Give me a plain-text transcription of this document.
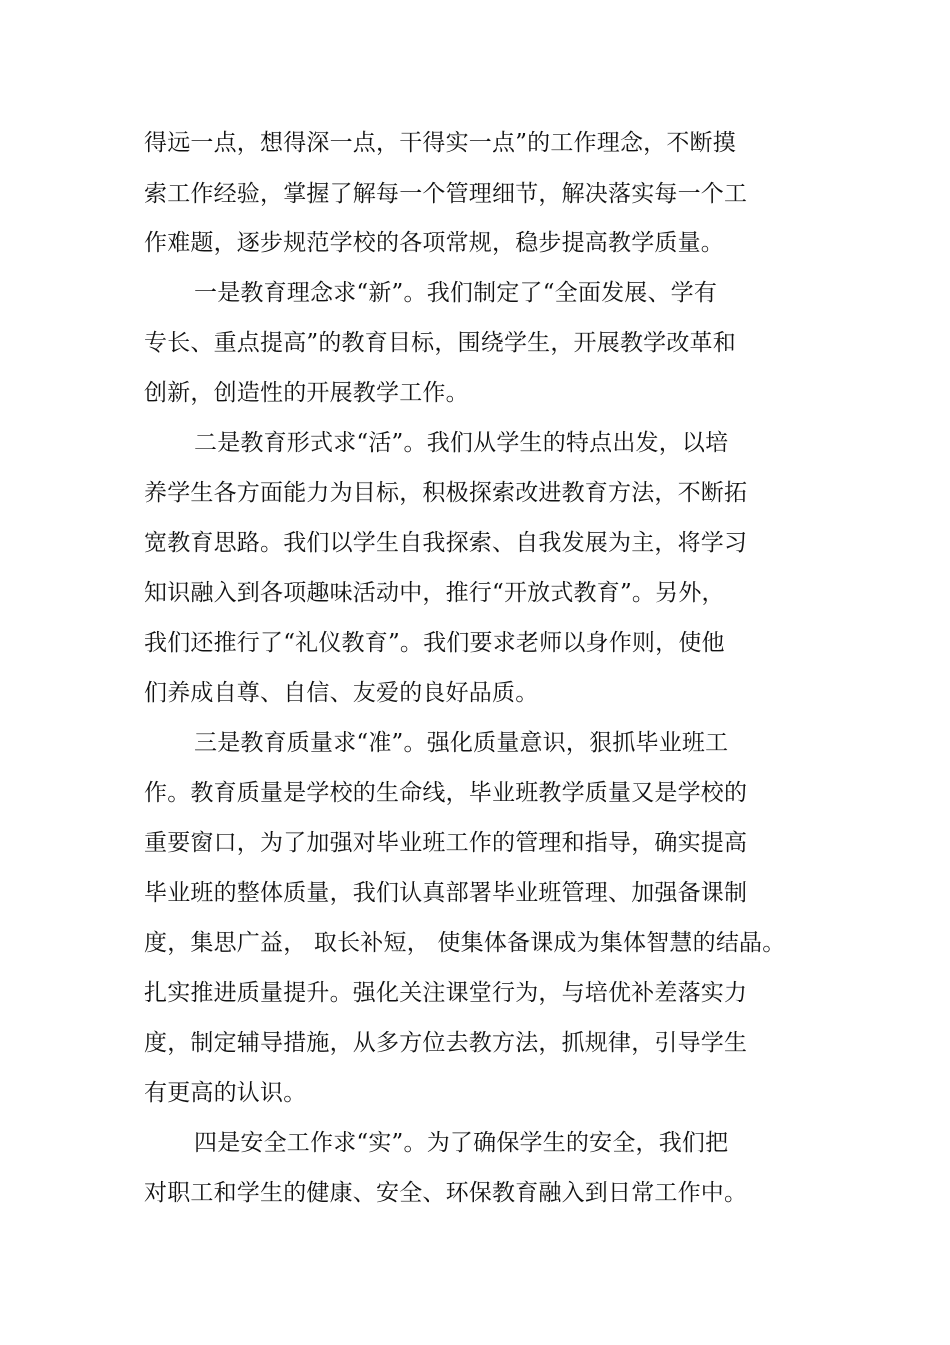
得远一点，想得深一点，干得实一点”的工作理念，不断摸
索工作经验，掌握了解每一个管理细节，解决落实每一个工
作难题，逐步规范学校的各项常规，稳步提高教学质量。
一是教育理念求“新”。我们制定了“全面发展、学有
专长、重点提高”的教育目标，围绕学生，开展教学改革和
创新，创造性的开展教学工作。
二是教育形式求“活”。我们从学生的特点出发，以培
养学生各方面能力为目标，积极探索改进教育方法，不断拓
宽教育思路。我们以学生自我探索、自我发展为主，将学习
知识融入到各项趣味活动中，推行“开放式教育”。另外，
我们还推行了“礼仪教育”。我们要求老师以身作则，使他
们养成自尊、自信、友爱的良好品质。
三是教育质量求“准”。强化质量意识，狠抓毕业班工
作。教育质量是学校的生命线，毕业班教学质量又是学校的
重要窗口，为了加强对毕业班工作的管理和指导，确实提高
毕业班的整体质量，我们认真部署毕业班管理、加强备课制
度，集思广益， 取长补短， 使集体备课成为集体智慧的结晶。
扎实推进质量提升。强化关注课堂行为，与培优补差落实力
度，制定辅导措施，从多方位去教方法，抓规律，引导学生
有更高的认识。
四是安全工作求“实”。为了确保学生的安全，我们把
对职工和学生的健康、安全、环保教育融入到日常工作中。
